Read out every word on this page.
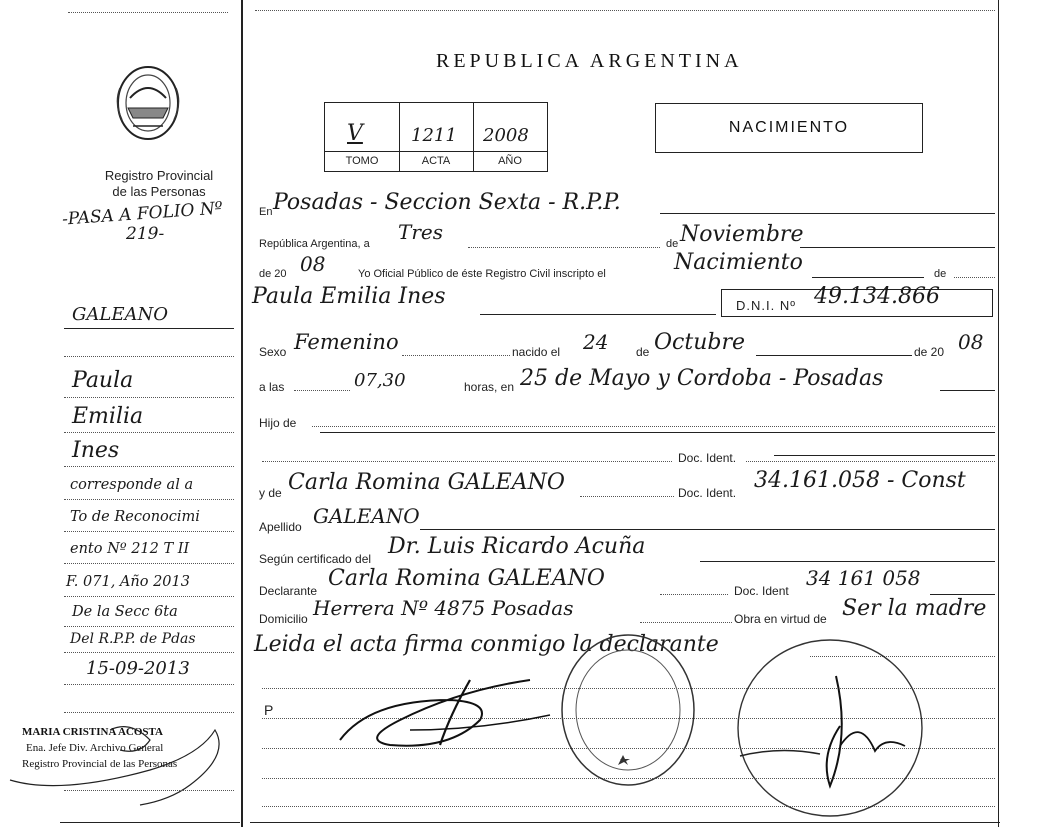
Registro Provincial
de las Personas
-PASA A FOLIO Nº
219-
GALEANO
Paula
Emilia
Ines
corresponde al a
To de Reconocimi
ento Nº 212 T II
F. 071, Año 2013
De la Secc 6ta
Del R.P.P. de Pdas
15-09-2013
MARIA CRISTINA ACOSTA
Ena. Jefe Div. Archivo General
Registro Provincial de las Personas
REPUBLICA ARGENTINA
V	1211 2008
TOMO	ACTA	AÑO
NACIMIENTO
En Posadas - Seccion Sexta - R.P.P.
República Argentina, a Tres	de Noviembre
de 20 08	Yo Oficial Público de éste Registro Civil inscripto el	Nacimiento	de
Paula Emilia Ines	D.N.I. Nº 49.134.866
Sexo Femenino	nacido el 24 de Octubre	de 20 08
a las	07,30	horas, en 25 de Mayo y Cordoba - Posadas
Hijo de
Doc. Ident.
y de Carla Romina GALEANO	Doc. Ident. 34.161.058 - Const
Apellido GALEANO
Según certificado del Dr. Luis Ricardo Acuña
Declarante Carla Romina GALEANO	Doc. Ident
34 161 058
Domicilio Herrera Nº 4875 Posadas	Obra en virtud de Ser la madre
Leida el acta firma conmigo la declarante
P
